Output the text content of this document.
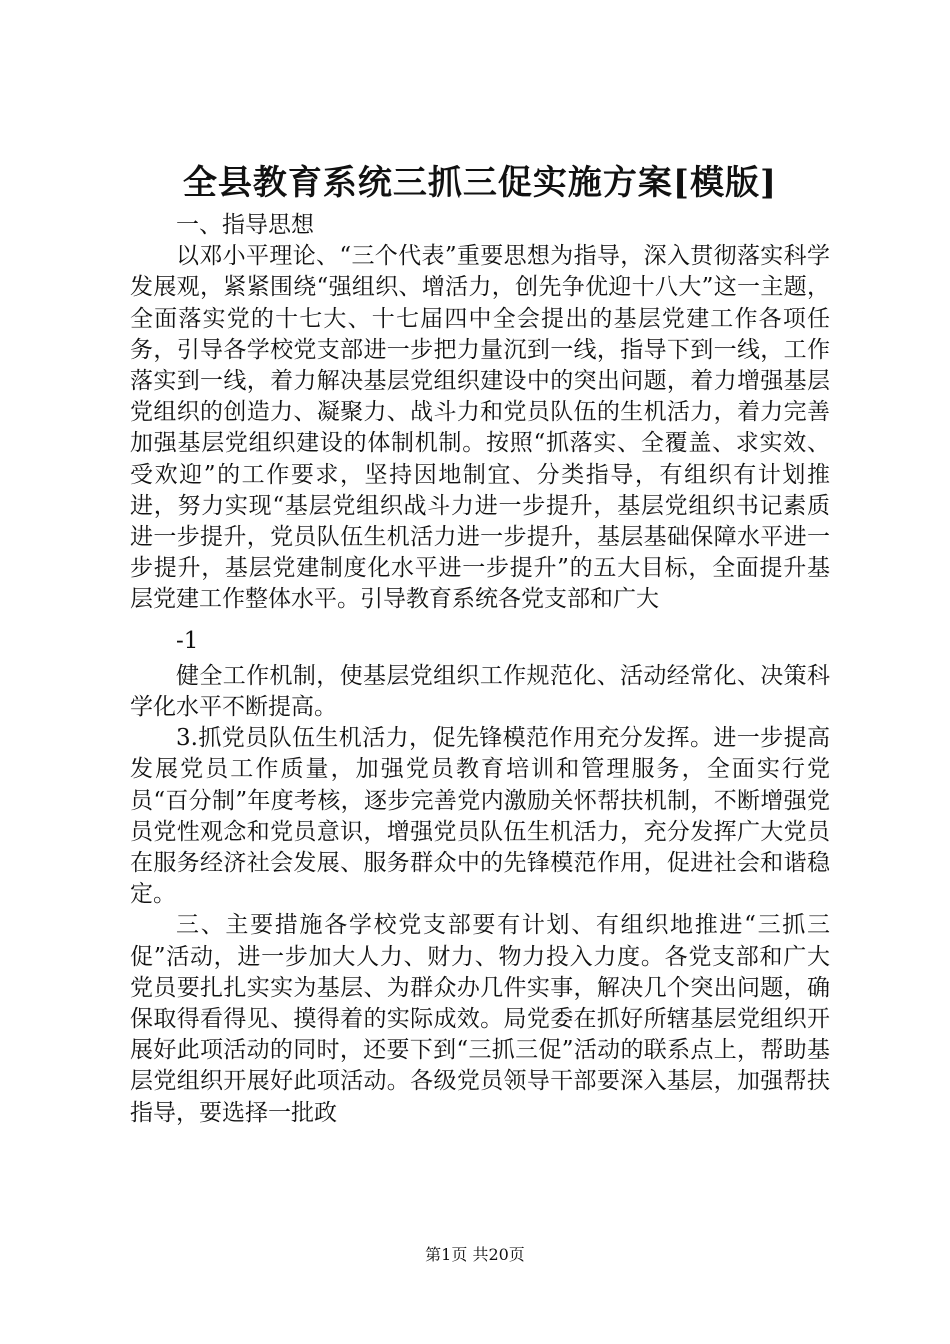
全县教育系统三抓三促实施方案[模版]

一、指导思想

以邓小平理论、“三个代表”重要思想为指导，深入贯彻落实科学发展观，紧紧围绕“强组织、增活力，创先争优迎十八大”这一主题，全面落实党的十七大、十七届四中全会提出的基层党建工作各项任务，引导各学校党支部进一步把力量沉到一线，指导下到一线，工作落实到一线，着力解决基层党组织建设中的突出问题，着力增强基层党组织的创造力、凝聚力、战斗力和党员队伍的生机活力，着力完善加强基层党组织建设的体制机制。按照“抓落实、全覆盖、求实效、受欢迎”的工作要求，坚持因地制宜、分类指导，有组织有计划推进，努力实现“基层党组织战斗力进一步提升，基层党组织书记素质进一步提升，党员队伍生机活力进一步提升，基层基础保障水平进一步提升，基层党建制度化水平进一步提升”的五大目标，全面提升基层党建工作整体水平。引导教育系统各党支部和广大

-1

健全工作机制，使基层党组织工作规范化、活动经常化、决策科学化水平不断提高。

3.抓党员队伍生机活力，促先锋模范作用充分发挥。进一步提高发展党员工作质量，加强党员教育培训和管理服务，全面实行党员“百分制”年度考核，逐步完善党内激励关怀帮扶机制，不断增强党员党性观念和党员意识，增强党员队伍生机活力，充分发挥广大党员在服务经济社会发展、服务群众中的先锋模范作用，促进社会和谐稳定。

三、主要措施各学校党支部要有计划、有组织地推进“三抓三促”活动，进一步加大人力、财力、物力投入力度。各党支部和广大党员要扎扎实实为基层、为群众办几件实事，解决几个突出问题，确保取得看得见、摸得着的实际成效。局党委在抓好所辖基层党组织开展好此项活动的同时，还要下到“三抓三促”活动的联系点上，帮助基层党组织开展好此项活动。各级党员领导干部要深入基层，加强帮扶指导，要选择一批政

第1页 共20页
